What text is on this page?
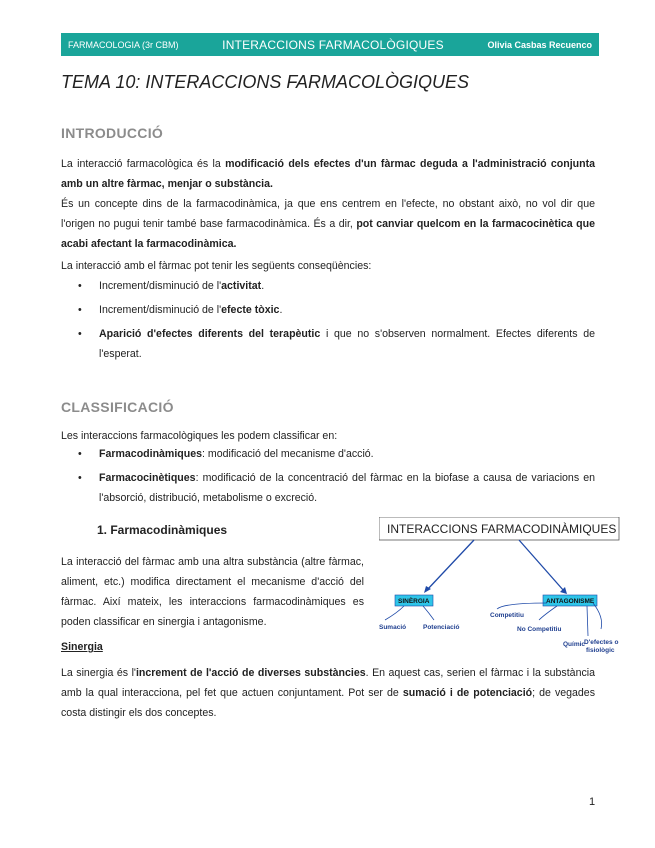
FARMACOLOGIA (3r CBM)	INTERACCIONS FARMACOLÒGIQUES	Olivia Casbas Recuenco
TEMA 10: INTERACCIONS FARMACOLÒGIQUES
INTRODUCCIÓ
La interacció farmacològica és la modificació dels efectes d'un fàrmac deguda a l'administració conjunta amb un altre fàrmac, menjar o substància.
És un concepte dins de la farmacodinàmica, ja que ens centrem en l'efecte, no obstant això, no vol dir que l'origen no pugui tenir també base farmacodinàmica. És a dir, pot canviar quelcom en la farmacocinètica que acabi afectant la farmacodinàmica.
La interacció amb el fàrmac pot tenir les següents conseqüències:
• Increment/disminució de l'activitat.
• Increment/disminució de l'efecte tòxic.
• Aparició d'efectes diferents del terapèutic i que no s'observen normalment. Efectes diferents de l'esperat.
CLASSIFICACIÓ
Les interaccions farmacològiques les podem classificar en:
• Farmacodinàmiques: modificació del mecanisme d'acció.
• Farmacocinètiques: modificació de la concentració del fàrmac en la biofase a causa de variacions en l'absorció, distribució, metabolisme o excreció.
1. Farmacodinàmiques
La interacció del fàrmac amb una altra substància (altre fàrmac, aliment, etc.) modifica directament el mecanisme d'acció del fàrmac. Així mateix, les interaccions farmacodinàmiques es poden classificar en sinergia i antagonisme.
INTERACCIONS FARMACODINÀMIQUES
SINÈRGIA	ANTAGONISME
Sumació	Potenciació
Competitiu
No Competitiu
Químic
D'efectes o
fisiològic
Sinergia
La sinergia és l'increment de l'acció de diverses substàncies. En aquest cas, serien el fàrmac i la substància amb la qual interacciona, pel fet que actuen conjuntament. Pot ser de sumació i de potenciació; de vegades costa distingir els dos conceptes.
1
